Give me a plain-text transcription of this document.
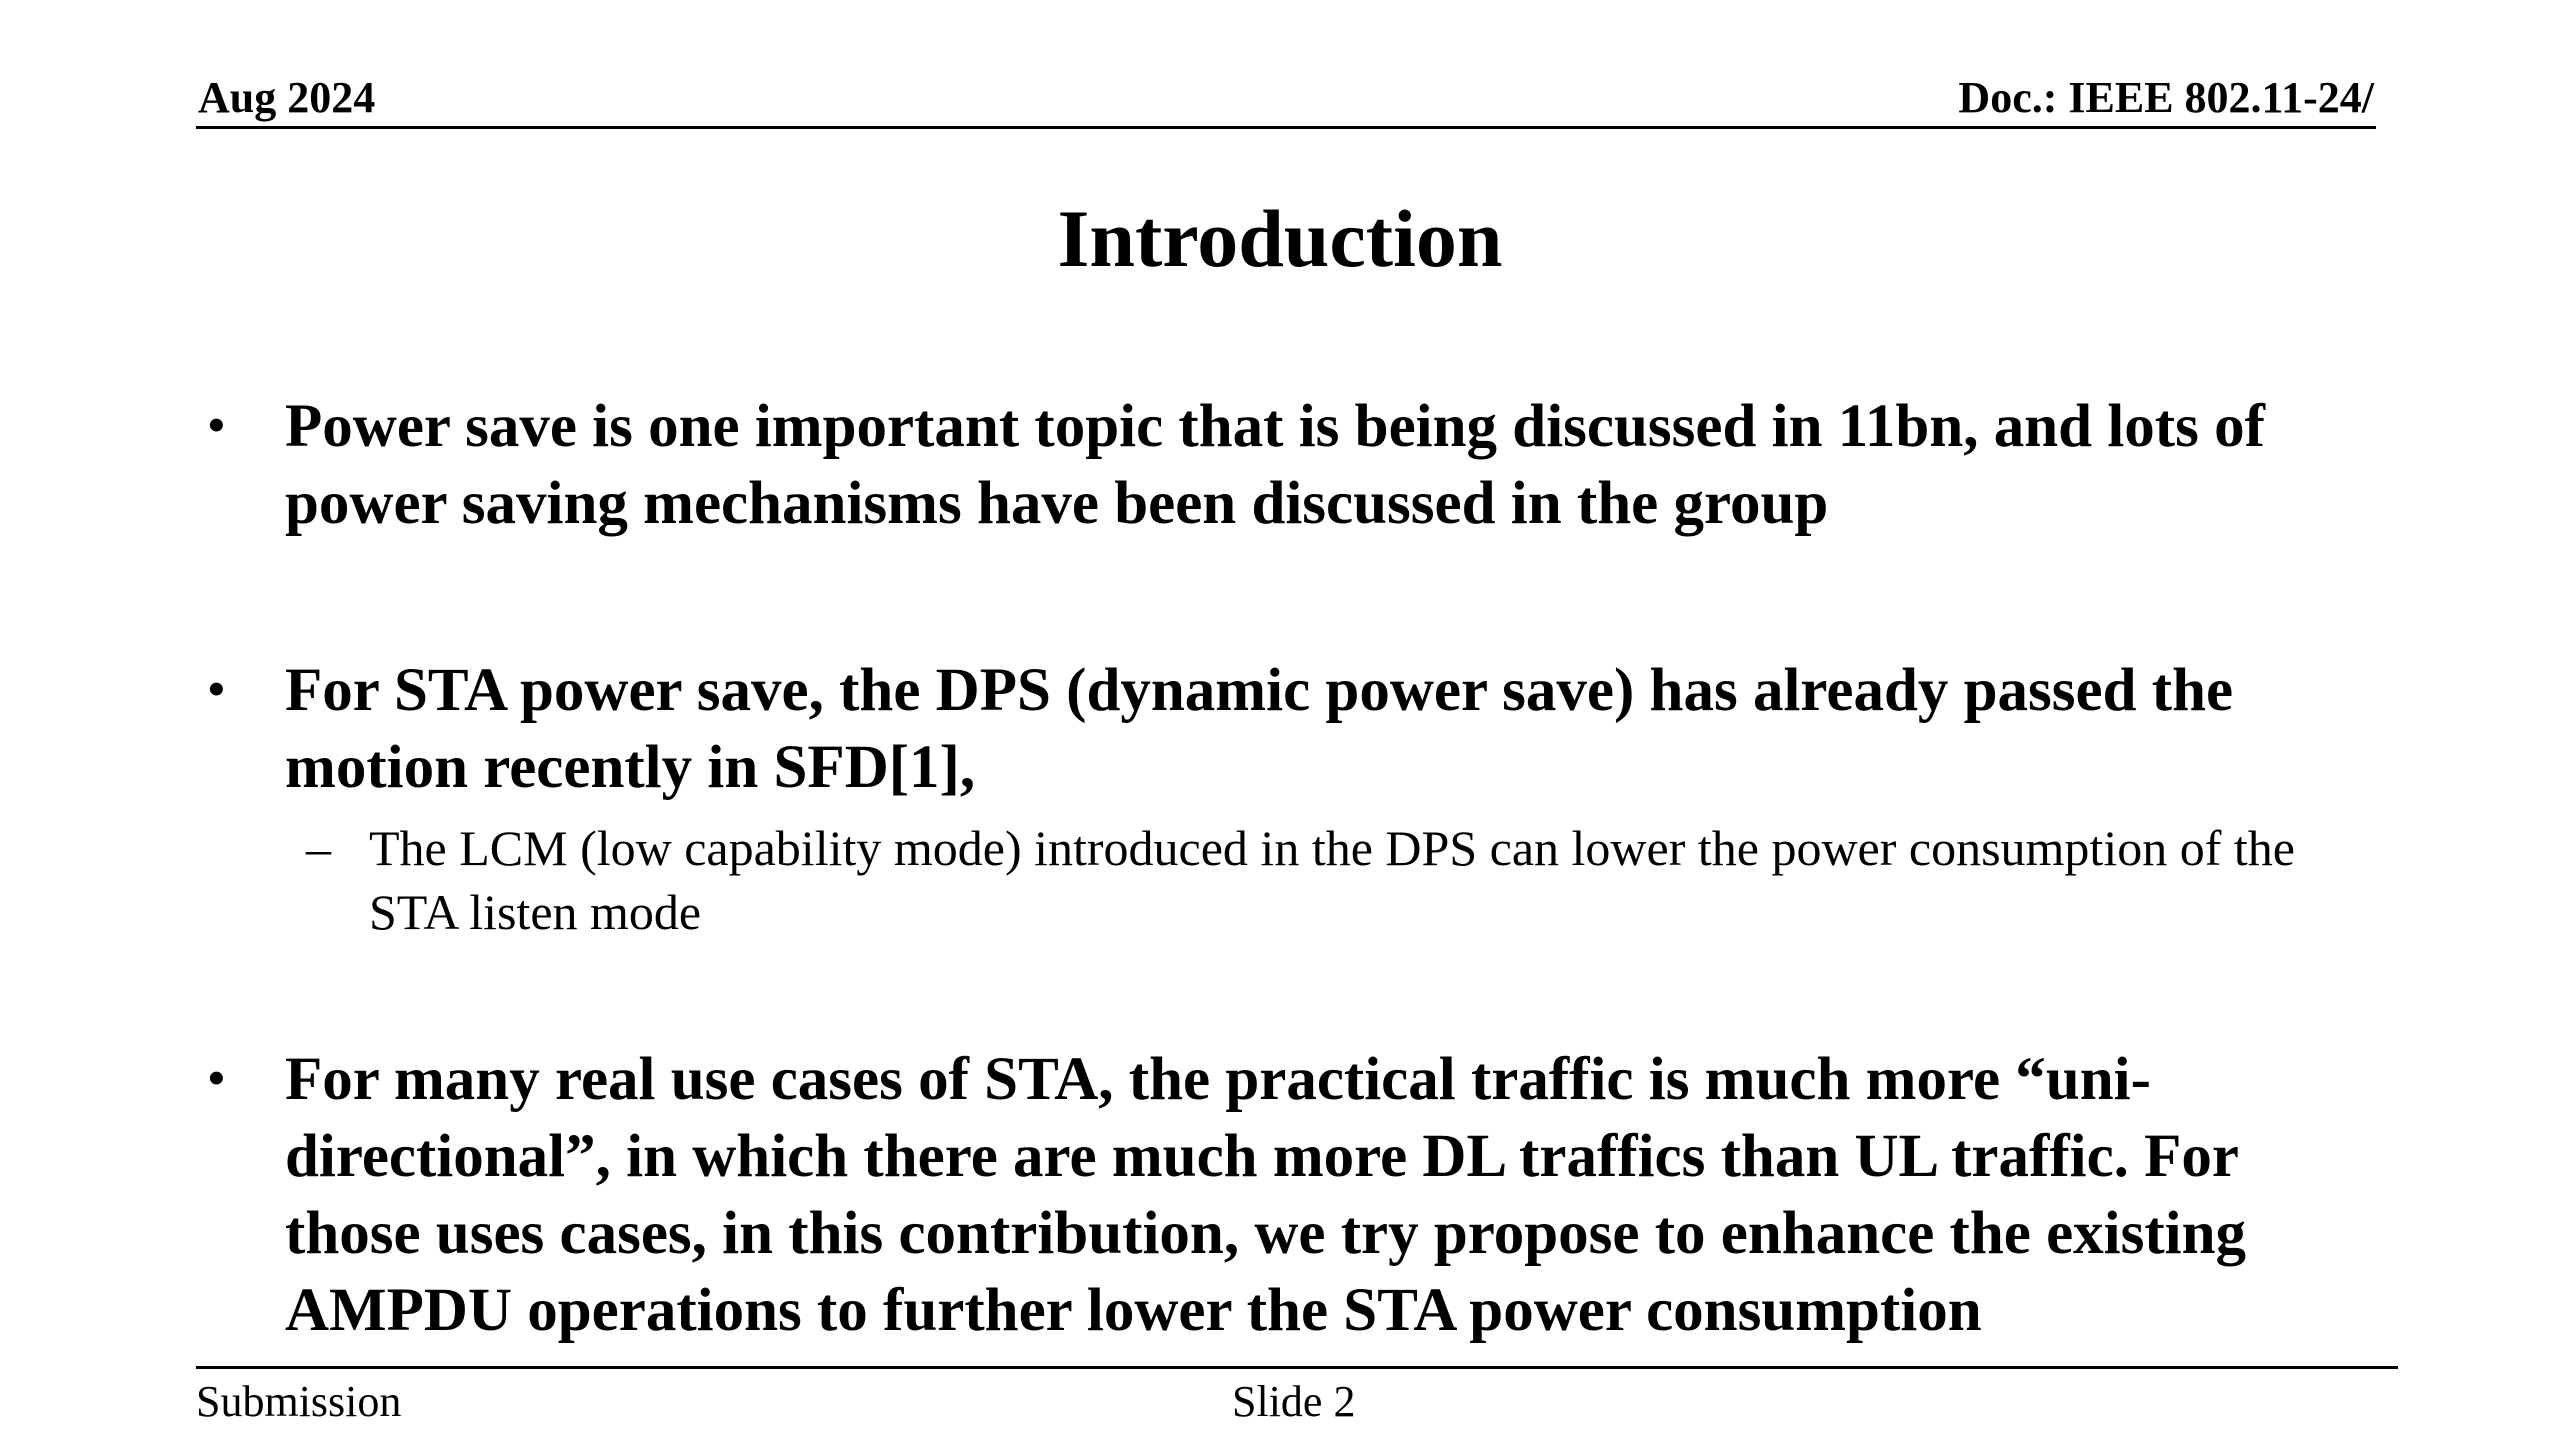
Aug 2024	Doc.: IEEE 802.11-24/
Introduction
• Power save is one important topic that is being discussed in 11bn, and lots of power saving mechanisms have been discussed in the group
• For STA power save, the DPS (dynamic power save) has already passed the motion recently in SFD[1],
– The LCM (low capability mode) introduced in the DPS can lower the power consumption of the STA listen mode
• For many real use cases of STA, the practical traffic is much more “uni-directional”, in which there are much more DL traffics than UL traffic. For those uses cases, in this contribution, we try propose to enhance the existing AMPDU operations to further lower the STA power consumption
Submission	Slide 2
